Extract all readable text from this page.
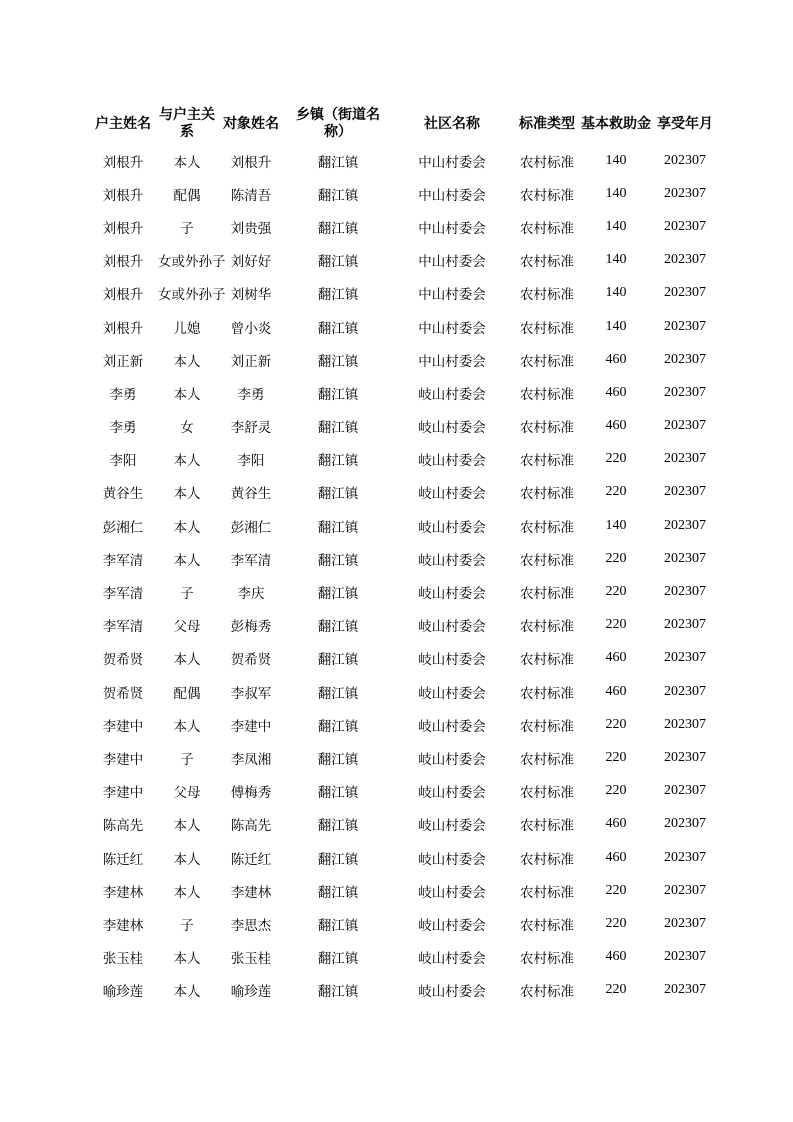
户主姓名	与户主关系	对象姓名	乡镇（街道名称）	社区名称	标准类型	基本救助金	享受年月
刘根升	本人	刘根升	翻江镇	中山村委会	农村标准	140	202307
刘根升	配偶	陈清吾	翻江镇	中山村委会	农村标准	140	202307
刘根升	子	刘贵强	翻江镇	中山村委会	农村标准	140	202307
刘根升	女或外孙子	刘好好	翻江镇	中山村委会	农村标准	140	202307
刘根升	女或外孙子	刘树华	翻江镇	中山村委会	农村标准	140	202307
刘根升	儿媳	曾小炎	翻江镇	中山村委会	农村标准	140	202307
刘正新	本人	刘正新	翻江镇	中山村委会	农村标准	460	202307
李勇	本人	李勇	翻江镇	岐山村委会	农村标准	460	202307
李勇	女	李舒灵	翻江镇	岐山村委会	农村标准	460	202307
李阳	本人	李阳	翻江镇	岐山村委会	农村标准	220	202307
黄谷生	本人	黄谷生	翻江镇	岐山村委会	农村标准	220	202307
彭湘仁	本人	彭湘仁	翻江镇	岐山村委会	农村标准	140	202307
李军清	本人	李军清	翻江镇	岐山村委会	农村标准	220	202307
李军清	子	李庆	翻江镇	岐山村委会	农村标准	220	202307
李军清	父母	彭梅秀	翻江镇	岐山村委会	农村标准	220	202307
贺希贤	本人	贺希贤	翻江镇	岐山村委会	农村标准	460	202307
贺希贤	配偶	李叔军	翻江镇	岐山村委会	农村标准	460	202307
李建中	本人	李建中	翻江镇	岐山村委会	农村标准	220	202307
李建中	子	李凤湘	翻江镇	岐山村委会	农村标准	220	202307
李建中	父母	傅梅秀	翻江镇	岐山村委会	农村标准	220	202307
陈高先	本人	陈高先	翻江镇	岐山村委会	农村标准	460	202307
陈迁红	本人	陈迁红	翻江镇	岐山村委会	农村标准	460	202307
李建林	本人	李建林	翻江镇	岐山村委会	农村标准	220	202307
李建林	子	李思杰	翻江镇	岐山村委会	农村标准	220	202307
张玉桂	本人	张玉桂	翻江镇	岐山村委会	农村标准	460	202307
喻珍莲	本人	喻珍莲	翻江镇	岐山村委会	农村标准	220	202307
